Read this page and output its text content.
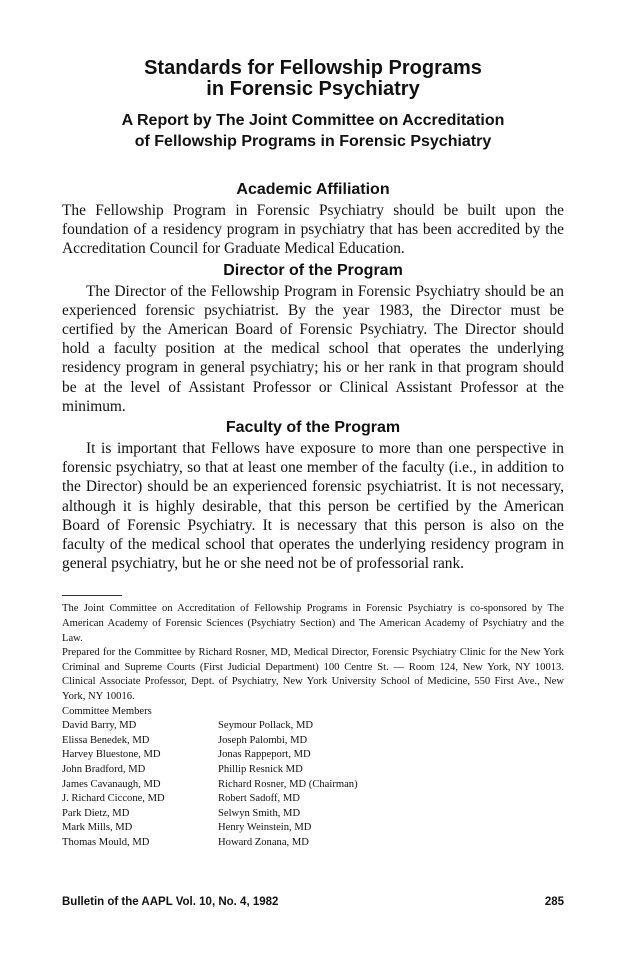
Standards for Fellowship Programs
in Forensic Psychiatry
A Report by The Joint Committee on Accreditation
of Fellowship Programs in Forensic Psychiatry
Academic Affiliation

The Fellowship Program in Forensic Psychiatry should be built upon the foundation of a residency program in psychiatry that has been accredited by the Accreditation Council for Graduate Medical Education.

Director of the Program

The Director of the Fellowship Program in Forensic Psychiatry should be an experienced forensic psychiatrist. By the year 1983, the Director must be certified by the American Board of Forensic Psychiatry. The Director should hold a faculty position at the medical school that operates the underlying residency program in general psychiatry; his or her rank in that program should be at the level of Assistant Professor or Clinical Assistant Professor at the minimum.

Faculty of the Program

It is important that Fellows have exposure to more than one perspective in forensic psychiatry, so that at least one member of the faculty (i.e., in addition to the Director) should be an experienced forensic psychiatrist. It is not necessary, although it is highly desirable, that this person be certified by the American Board of Forensic Psychiatry. It is necessary that this person is also on the faculty of the medical school that operates the underlying residency program in general psychiatry, but he or she need not be of professorial rank.

The Joint Committee on Accreditation of Fellowship Programs in Forensic Psychiatry is co-sponsored by The American Academy of Forensic Sciences (Psychiatry Section) and The American Academy of Psychiatry and the Law.

Prepared for the Committee by Richard Rosner, MD, Medical Director, Forensic Psychiatry Clinic for the New York Criminal and Supreme Courts (First Judicial Department) 100 Centre St. — Room 124, New York, NY 10013. Clinical Associate Professor, Dept. of Psychiatry, New York University School of Medicine, 550 First Ave., New York, NY 10016.

Committee Members

David Barry, MD
Elissa Benedek, MD
Harvey Bluestone, MD
John Bradford, MD
James Cavanaugh, MD
J. Richard Ciccone, MD
Park Dietz, MD
Mark Mills, MD
Thomas Mould, MD
Seymour Pollack, MD
Joseph Palombi, MD
Jonas Rappeport, MD
Phillip Resnick MD
Richard Rosner, MD (Chairman)
Robert Sadoff, MD
Selwyn Smith, MD
Henry Weinstein, MD
Howard Zonana, MD
Bulletin of the AAPL Vol. 10, No. 4, 1982	285
